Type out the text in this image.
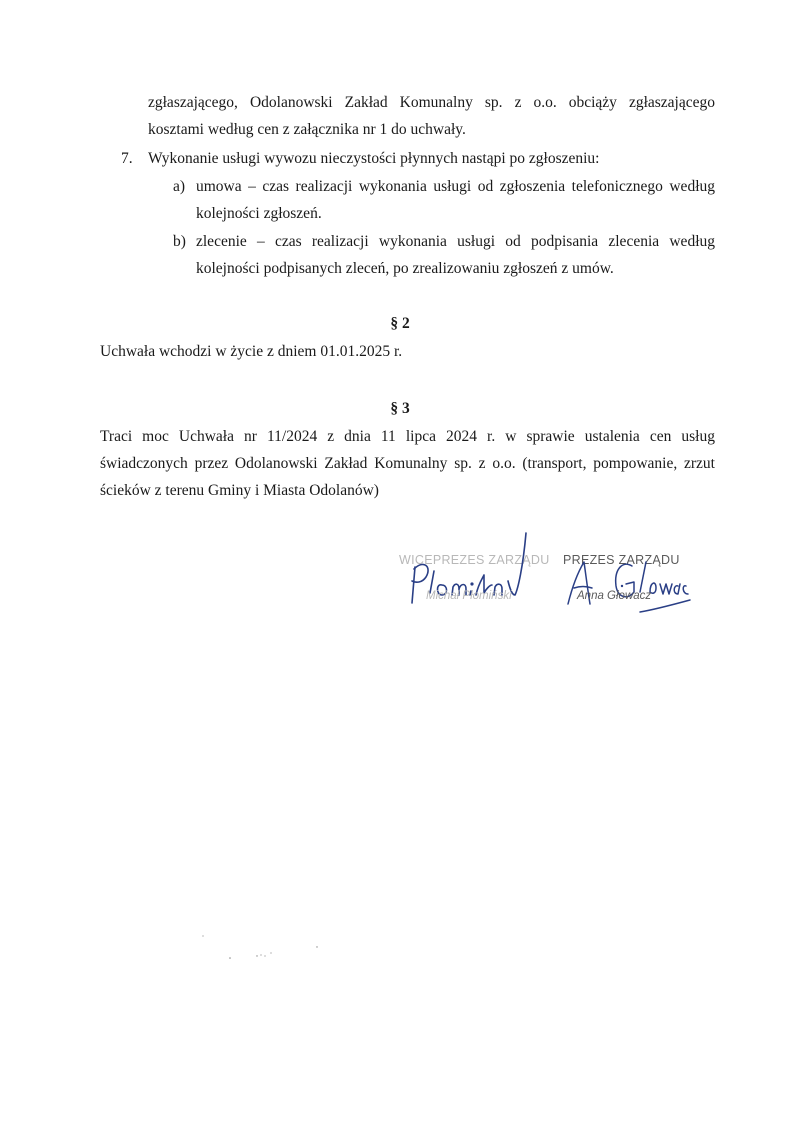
zgłaszającego, Odolanowski Zakład Komunalny sp. z o.o. obciąży zgłaszającego
kosztami według cen z załącznika nr 1 do uchwały.
7. Wykonanie usługi wywozu nieczystości płynnych nastąpi po zgłoszeniu:
a) umowa – czas realizacji wykonania usługi od zgłoszenia telefonicznego według
kolejności zgłoszeń.
b) zlecenie – czas realizacji wykonania usługi od podpisania zlecenia według
kolejności podpisanych zleceń, po zrealizowaniu zgłoszeń z umów.
§ 2
Uchwała wchodzi w życie z dniem 01.01.2025 r.
§ 3
Traci moc Uchwała nr 11/2024 z dnia 11 lipca 2024 r. w sprawie ustalenia cen usług
świadczonych przez Odolanowski Zakład Komunalny sp. z o.o. (transport, pompowanie, zrzut
ścieków z terenu Gminy i Miasta Odolanów)
WICEPREZES ZARZĄDU
Michał Płomiński
PREZES ZARZĄDU
Anna Głowacz
